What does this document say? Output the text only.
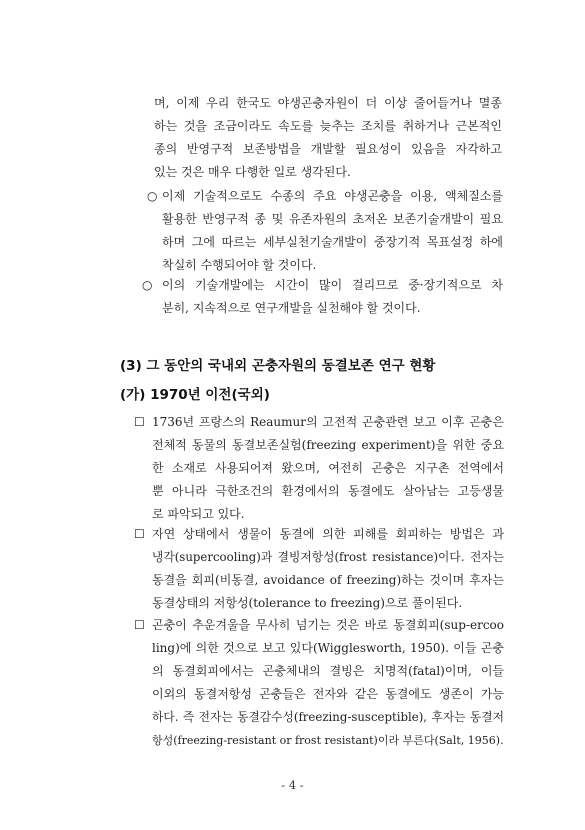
며, 이제 우리 한국도 야생곤충자원이 더 이상 줄어들거나 멸종
하는 것을 조금이라도 속도를 늦추는 조치를 취하거나 근본적인
종의 반영구적 보존방법을 개발할 필요성이 있음을 자각하고
있는 것은 매우 다행한 일로 생각된다.
○ 이제 기술적으로도 수종의 주요 야생곤충을 이용, 액체질소를
활용한 반영구적 종 및 유존자원의 초저온 보존기술개발이 필요
하며 그에 따르는 세부실천기술개발이 중장기적 목표설정 하에
착실히 수행되어야 할 것이다.
○ 이의 기술개발에는 시간이 많이 걸리므로 중·장기적으로 차
분히, 지속적으로 연구개발을 실천해야 할 것이다.
(3) 그 동안의 국내외 곤충자원의 동결보존 연구 현황
(가) 1970년 이전(국외)
☐ 1736년 프랑스의 Reaumur의 고전적 곤충관련 보고 이후 곤충은
전체적 동물의 동결보존실험(freezing experiment)을 위한 중요
한 소재로 사용되어져 왔으며, 여전히 곤충은 지구촌 전역에서
뿐 아니라 극한조건의 환경에서의 동결에도 살아남는 고등생물
로 파악되고 있다.
☐ 자연 상태에서 생물이 동결에 의한 피해를 회피하는 방법은 과
냉각(supercooling)과 결빙저항성(frost resistance)이다. 전자는
동결을 회피(비동결, avoidance of freezing)하는 것이며 후자는
동결상태의 저항성(tolerance to freezing)으로 풀이된다.
☐ 곤충이 추운겨울을 무사히 넘기는 것은 바로 동결회피(sup-ercoo
ling)에 의한 것으로 보고 있다(Wigglesworth, 1950). 이들 곤충
의 동결회피에서는 곤충체내의 결빙은 치명적(fatal)이며, 이들
이외의 동결저항성 곤충들은 전자와 같은 동결에도 생존이 가능
하다. 즉 전자는 동결감수성(freezing-susceptible), 후자는 동결저
항성(freezing-resistant or frost resistant)이라 부른다(Salt, 1956).
- 4 -
